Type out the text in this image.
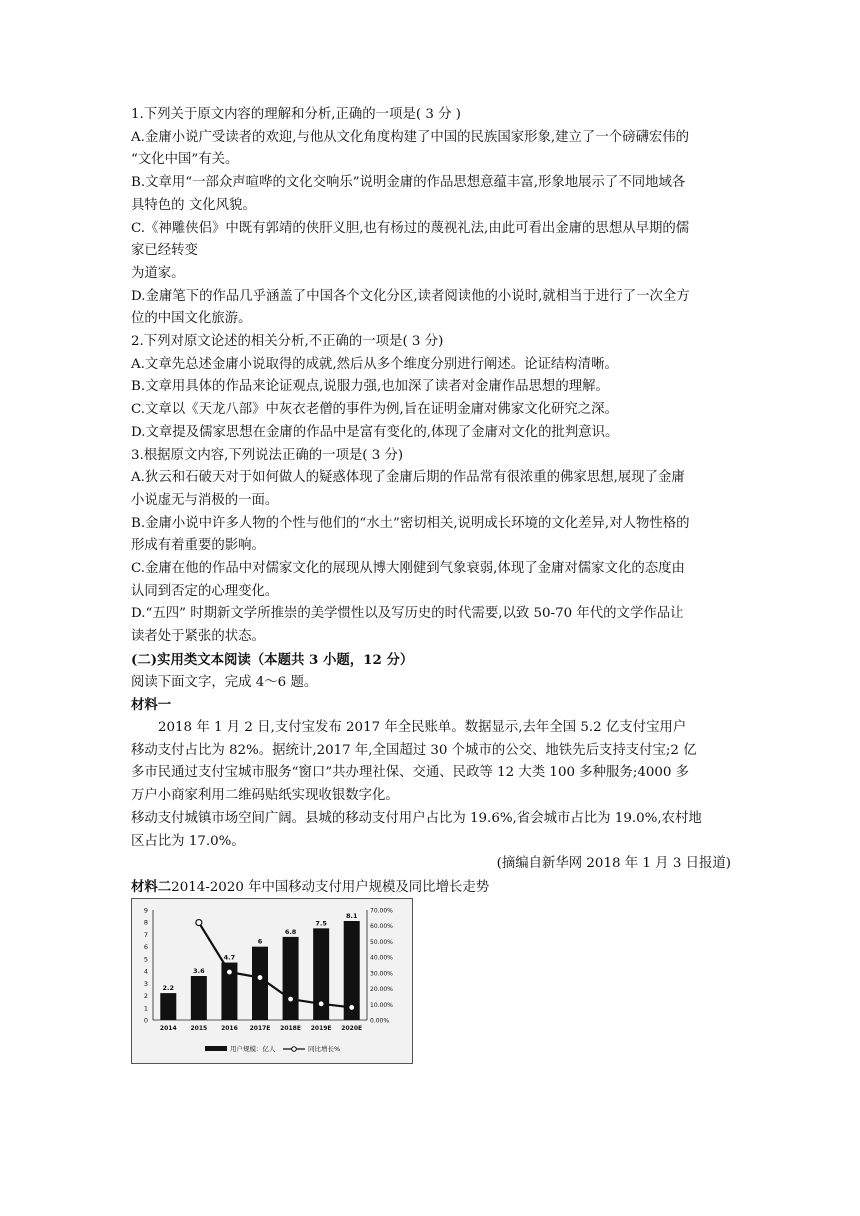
1.下列关于原文内容的理解和分析,正确的一项是( 3 分 )
A.金庸小说广受读者的欢迎,与他从文化角度构建了中国的民族国家形象,建立了一个磅礴宏伟的
“文化中国”有关。
B.文章用“一部众声喧哗的文化交响乐”说明金庸的作品思想意蕴丰富,形象地展示了不同地域各
具特色的 文化风貌。
C.《神雕侠侣》中既有郭靖的侠肝义胆,也有杨过的蔑视礼法,由此可看出金庸的思想从早期的儒
家已经转变
为道家。
D.金庸笔下的作品几乎涵盖了中国各个文化分区,读者阅读他的小说时,就相当于进行了一次全方
位的中国文化旅游。
2.下列对原文论述的相关分析,不正确的一项是( 3 分)
A.文章先总述金庸小说取得的成就,然后从多个维度分别进行阐述。论证结构清晰。
B.文章用具体的作品来论证观点,说服力强,也加深了读者对金庸作品思想的理解。
C.文章以《天龙八部》中灰衣老僧的事件为例,旨在证明金庸对佛家文化研究之深。
D.文章提及儒家思想在金庸的作品中是富有变化的,体现了金庸对文化的批判意识。
3.根据原文内容,下列说法正确的一项是( 3 分)
A.狄云和石破天对于如何做人的疑惑体现了金庸后期的作品常有很浓重的佛家思想,展现了金庸
小说虚无与消极的一面。
B.金庸小说中许多人物的个性与他们的“水土”密切相关,说明成长环境的文化差异,对人物性格的
形成有着重要的影响。
C.金庸在他的作品中对儒家文化的展现从博大刚健到气象衰弱,体现了金庸对儒家文化的态度由
认同到否定的心理变化。
D.“五四” 时期新文学所推崇的美学惯性以及写历史的时代需要,以致 50-70 年代的文学作品让
读者处于紧张的状态。
(二)实用类文本阅读（本题共 3 小题，12 分）
阅读下面文字，完成 4～6 题。
材料一
2018 年 1 月 2 日,支付宝发布 2017 年全民账单。数据显示,去年全国 5.2 亿支付宝用户
移动支付占比为 82%。据统计,2017 年,全国超过 30 个城市的公交、地铁先后支持支付宝;2 亿
多市民通过支付宝城市服务“窗口”共办理社保、交通、民政等 12 大类 100 多种服务;4000 多
万户小商家利用二维码贴纸实现收银数字化。
移动支付城镇市场空间广阔。县城的移动支付用户占比为 19.6%,省会城市占比为 19.0%,农村地
区占比为 17.0%。
(摘编自新华网 2018 年 1 月 3 日报道)
材料二2014-2020 年中国移动支付用户规模及同比增长走势
0
1
2
3
4
5
6
7
8
9
0.00%
10.00%
20.00%
30.00%
40.00%
50.00%
60.00%
70.00%
2.2
2014
3.6
2015
4.7
2016
6
2017E
6.8
2018E
7.5
2019E
8.1
2020E
用户规模：亿人	同比增长%
